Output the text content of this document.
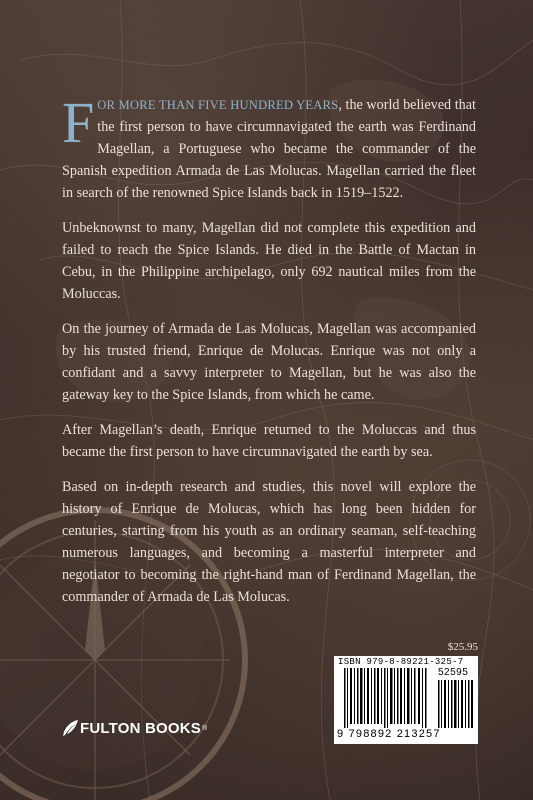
FOR MORE THAN FIVE HUNDRED YEARS, the world believed that the first person to have circumnavigated the earth was Ferdinand Magellan, a Portuguese who became the commander of the Spanish expedition Armada de Las Molucas. Magellan carried the fleet in search of the renowned Spice Islands back in 1519–1522.

Unbeknownst to many, Magellan did not complete this expedition and failed to reach the Spice Islands. He died in the Battle of Mactan in Cebu, in the Philippine archipelago, only 692 nautical miles from the Moluccas.

On the journey of Armada de Las Molucas, Magellan was accompanied by his trusted friend, Enrique de Molucas. Enrique was not only a confidant and a savvy interpreter to Magellan, but he was also the gateway key to the Spice Islands, from which he came.

After Magellan’s death, Enrique returned to the Moluccas and thus became the first person to have circumnavigated the earth by sea.

Based on in-depth research and studies, this novel will explore the history of Enrique de Molucas, which has long been hidden for centuries, starting from his youth as an ordinary seaman, self-teaching numerous languages, and becoming a masterful interpreter and negotiator to becoming the right-hand man of Ferdinand Magellan, the commander of Armada de Las Molucas.

$25.95
ISBN 979-8-89221-325-7
52595
9 798892 213257
FULTON BOOKS ®
